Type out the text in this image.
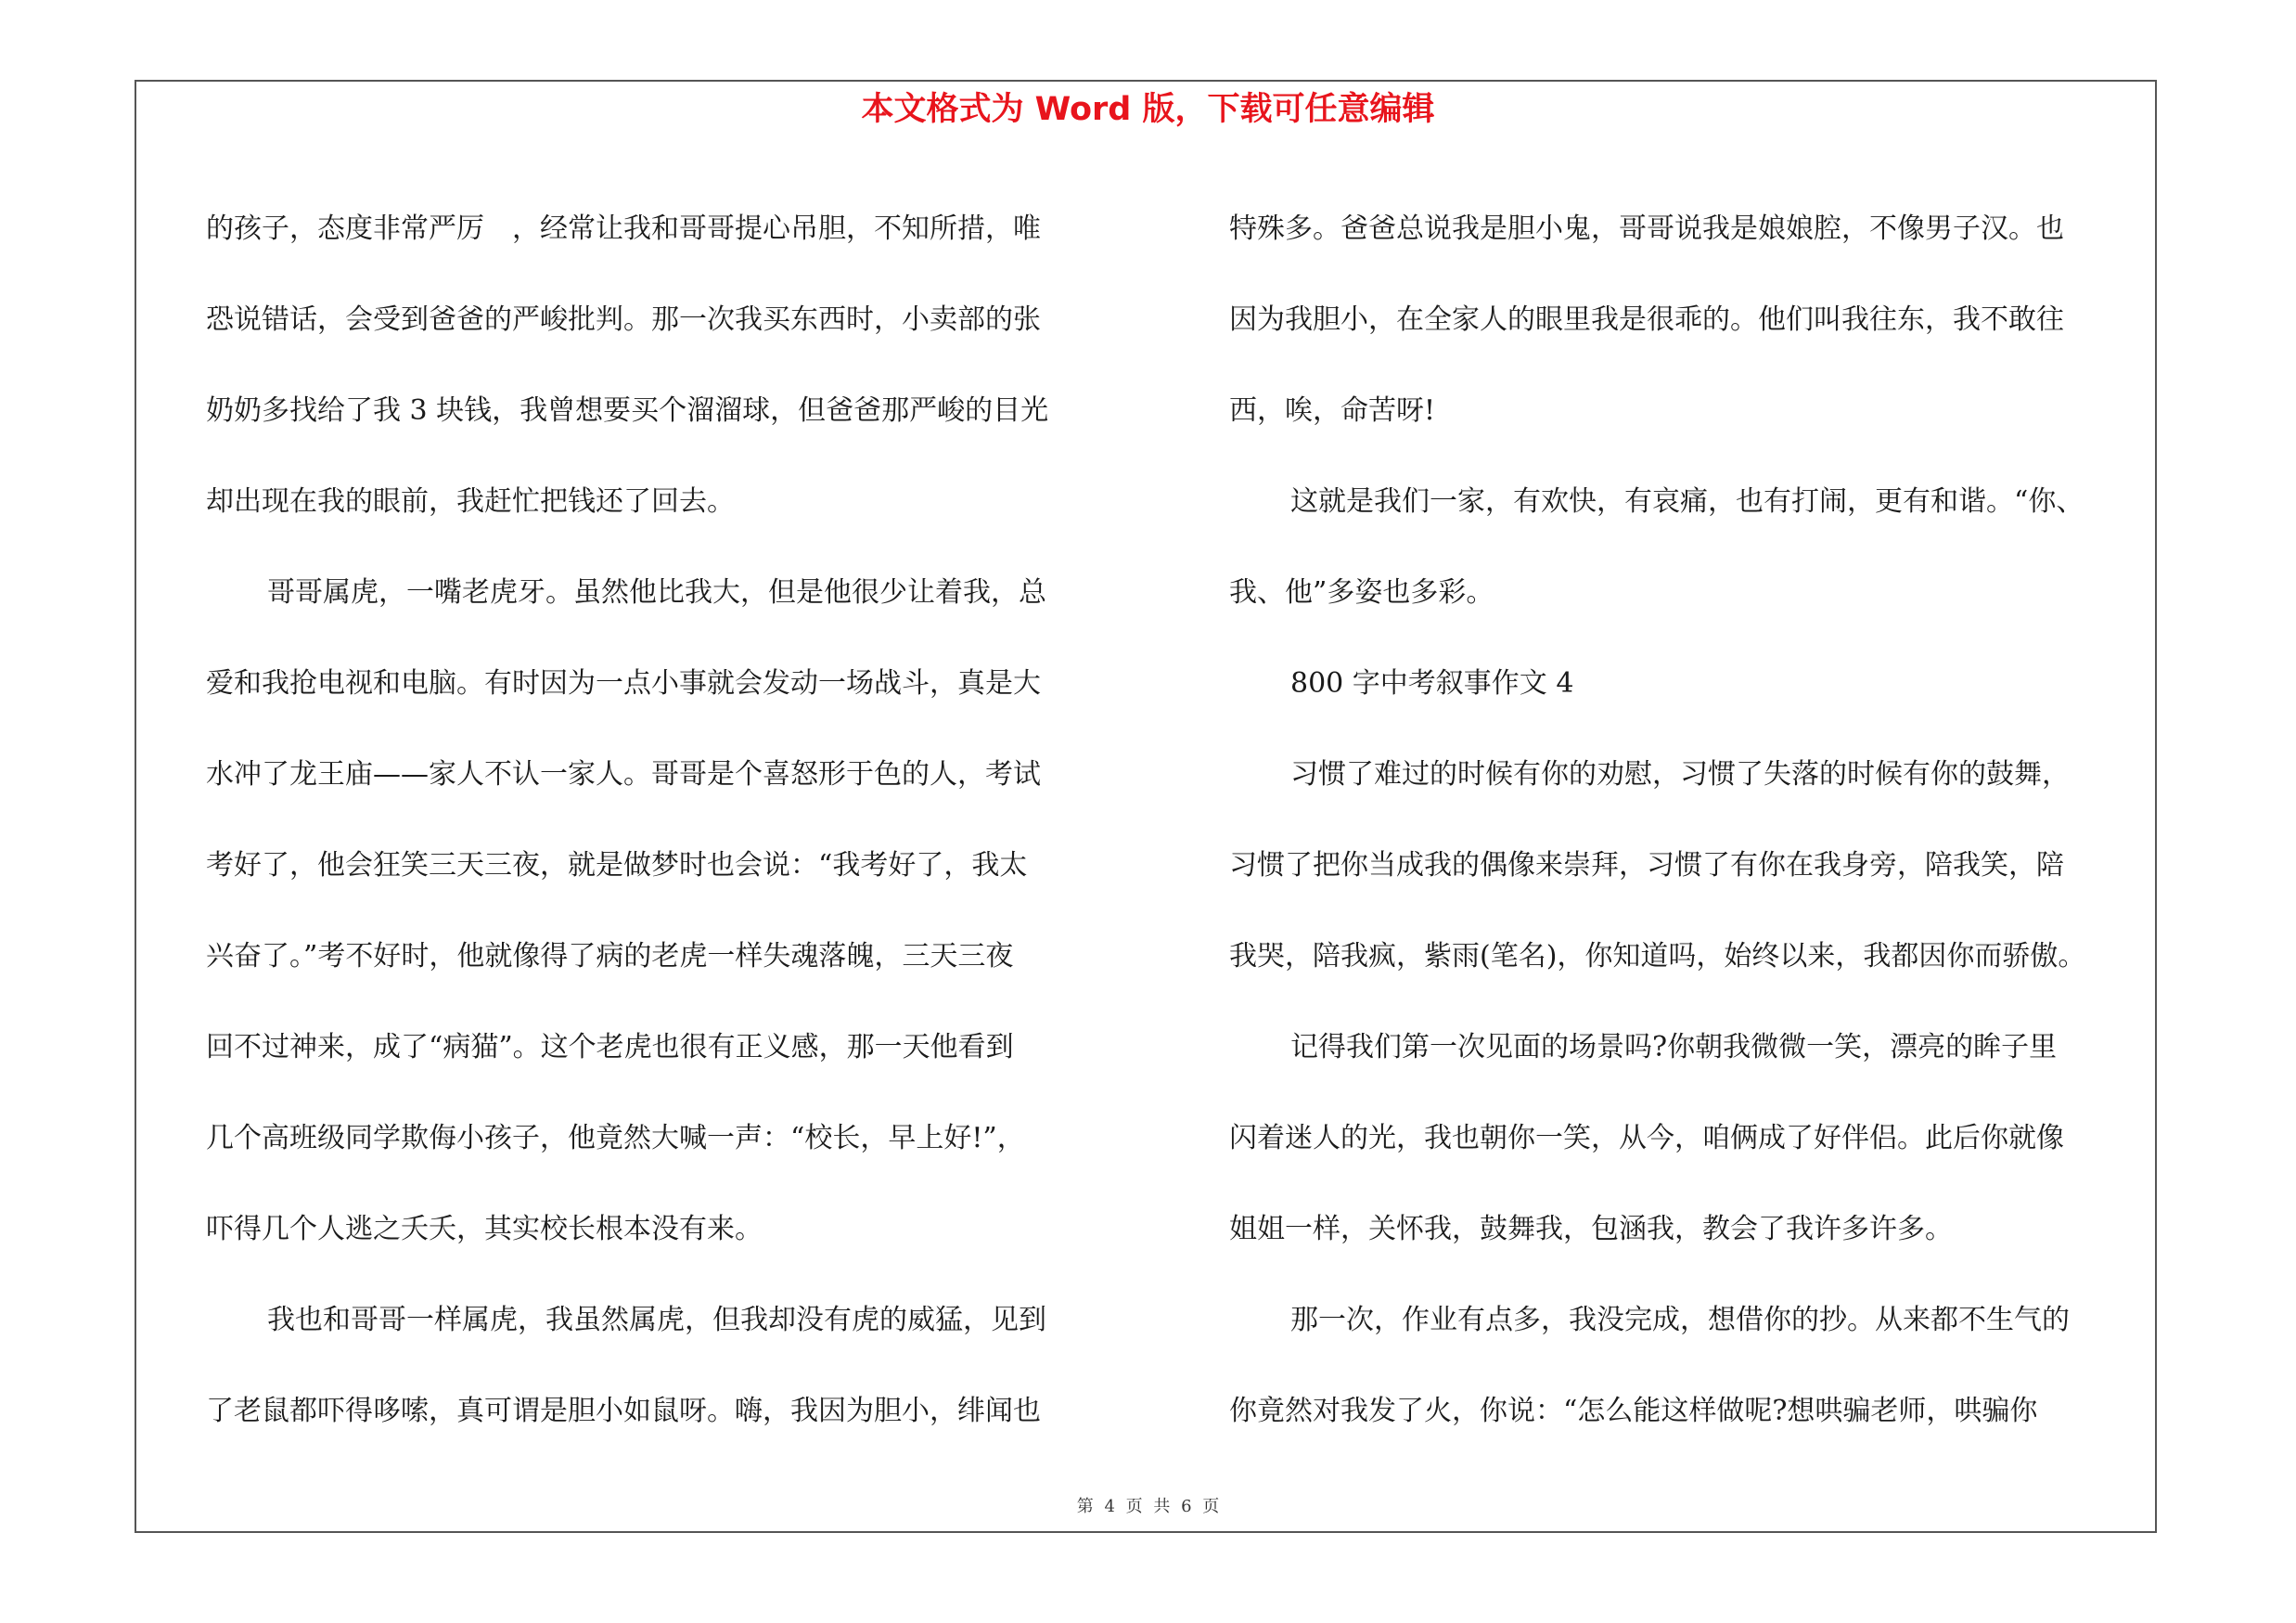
本文格式为 Word 版，下载可任意编辑

的孩子，态度非常严厉　，经常让我和哥哥提心吊胆，不知所措，唯

恐说错话，会受到爸爸的严峻批判。那一次我买东西时，小卖部的张

奶奶多找给了我 3 块钱，我曾想要买个溜溜球，但爸爸那严峻的目光

却出现在我的眼前，我赶忙把钱还了回去。

哥哥属虎，一嘴老虎牙。虽然他比我大，但是他很少让着我，总

爱和我抢电视和电脑。有时因为一点小事就会发动一场战斗，真是大

水冲了龙王庙——家人不认一家人。哥哥是个喜怒形于色的人，考试

考好了，他会狂笑三天三夜，就是做梦时也会说：“我考好了，我太

兴奋了。”考不好时，他就像得了病的老虎一样失魂落魄，三天三夜

回不过神来，成了“病猫”。这个老虎也很有正义感，那一天他看到

几个高班级同学欺侮小孩子，他竟然大喊一声：“校长，早上好!”，

吓得几个人逃之夭夭，其实校长根本没有来。

我也和哥哥一样属虎，我虽然属虎，但我却没有虎的威猛，见到

了老鼠都吓得哆嗦，真可谓是胆小如鼠呀。嗨，我因为胆小，绯闻也

特殊多。爸爸总说我是胆小鬼，哥哥说我是娘娘腔，不像男子汉。也

因为我胆小，在全家人的眼里我是很乖的。他们叫我往东，我不敢往

西，唉，命苦呀!

这就是我们一家，有欢快，有哀痛，也有打闹，更有和谐。“你、

我、他”多姿也多彩。

800 字中考叙事作文 4

习惯了难过的时候有你的劝慰，习惯了失落的时候有你的鼓舞，

习惯了把你当成我的偶像来崇拜，习惯了有你在我身旁，陪我笑，陪

我哭，陪我疯，紫雨(笔名)，你知道吗，始终以来，我都因你而骄傲。

记得我们第一次见面的场景吗?你朝我微微一笑，漂亮的眸子里

闪着迷人的光，我也朝你一笑，从今，咱俩成了好伴侣。此后你就像

姐姐一样，关怀我，鼓舞我，包涵我，教会了我许多许多。

那一次，作业有点多，我没完成，想借你的抄。从来都不生气的

你竟然对我发了火，你说：“怎么能这样做呢?想哄骗老师，哄骗你

第 4 页 共 6 页
